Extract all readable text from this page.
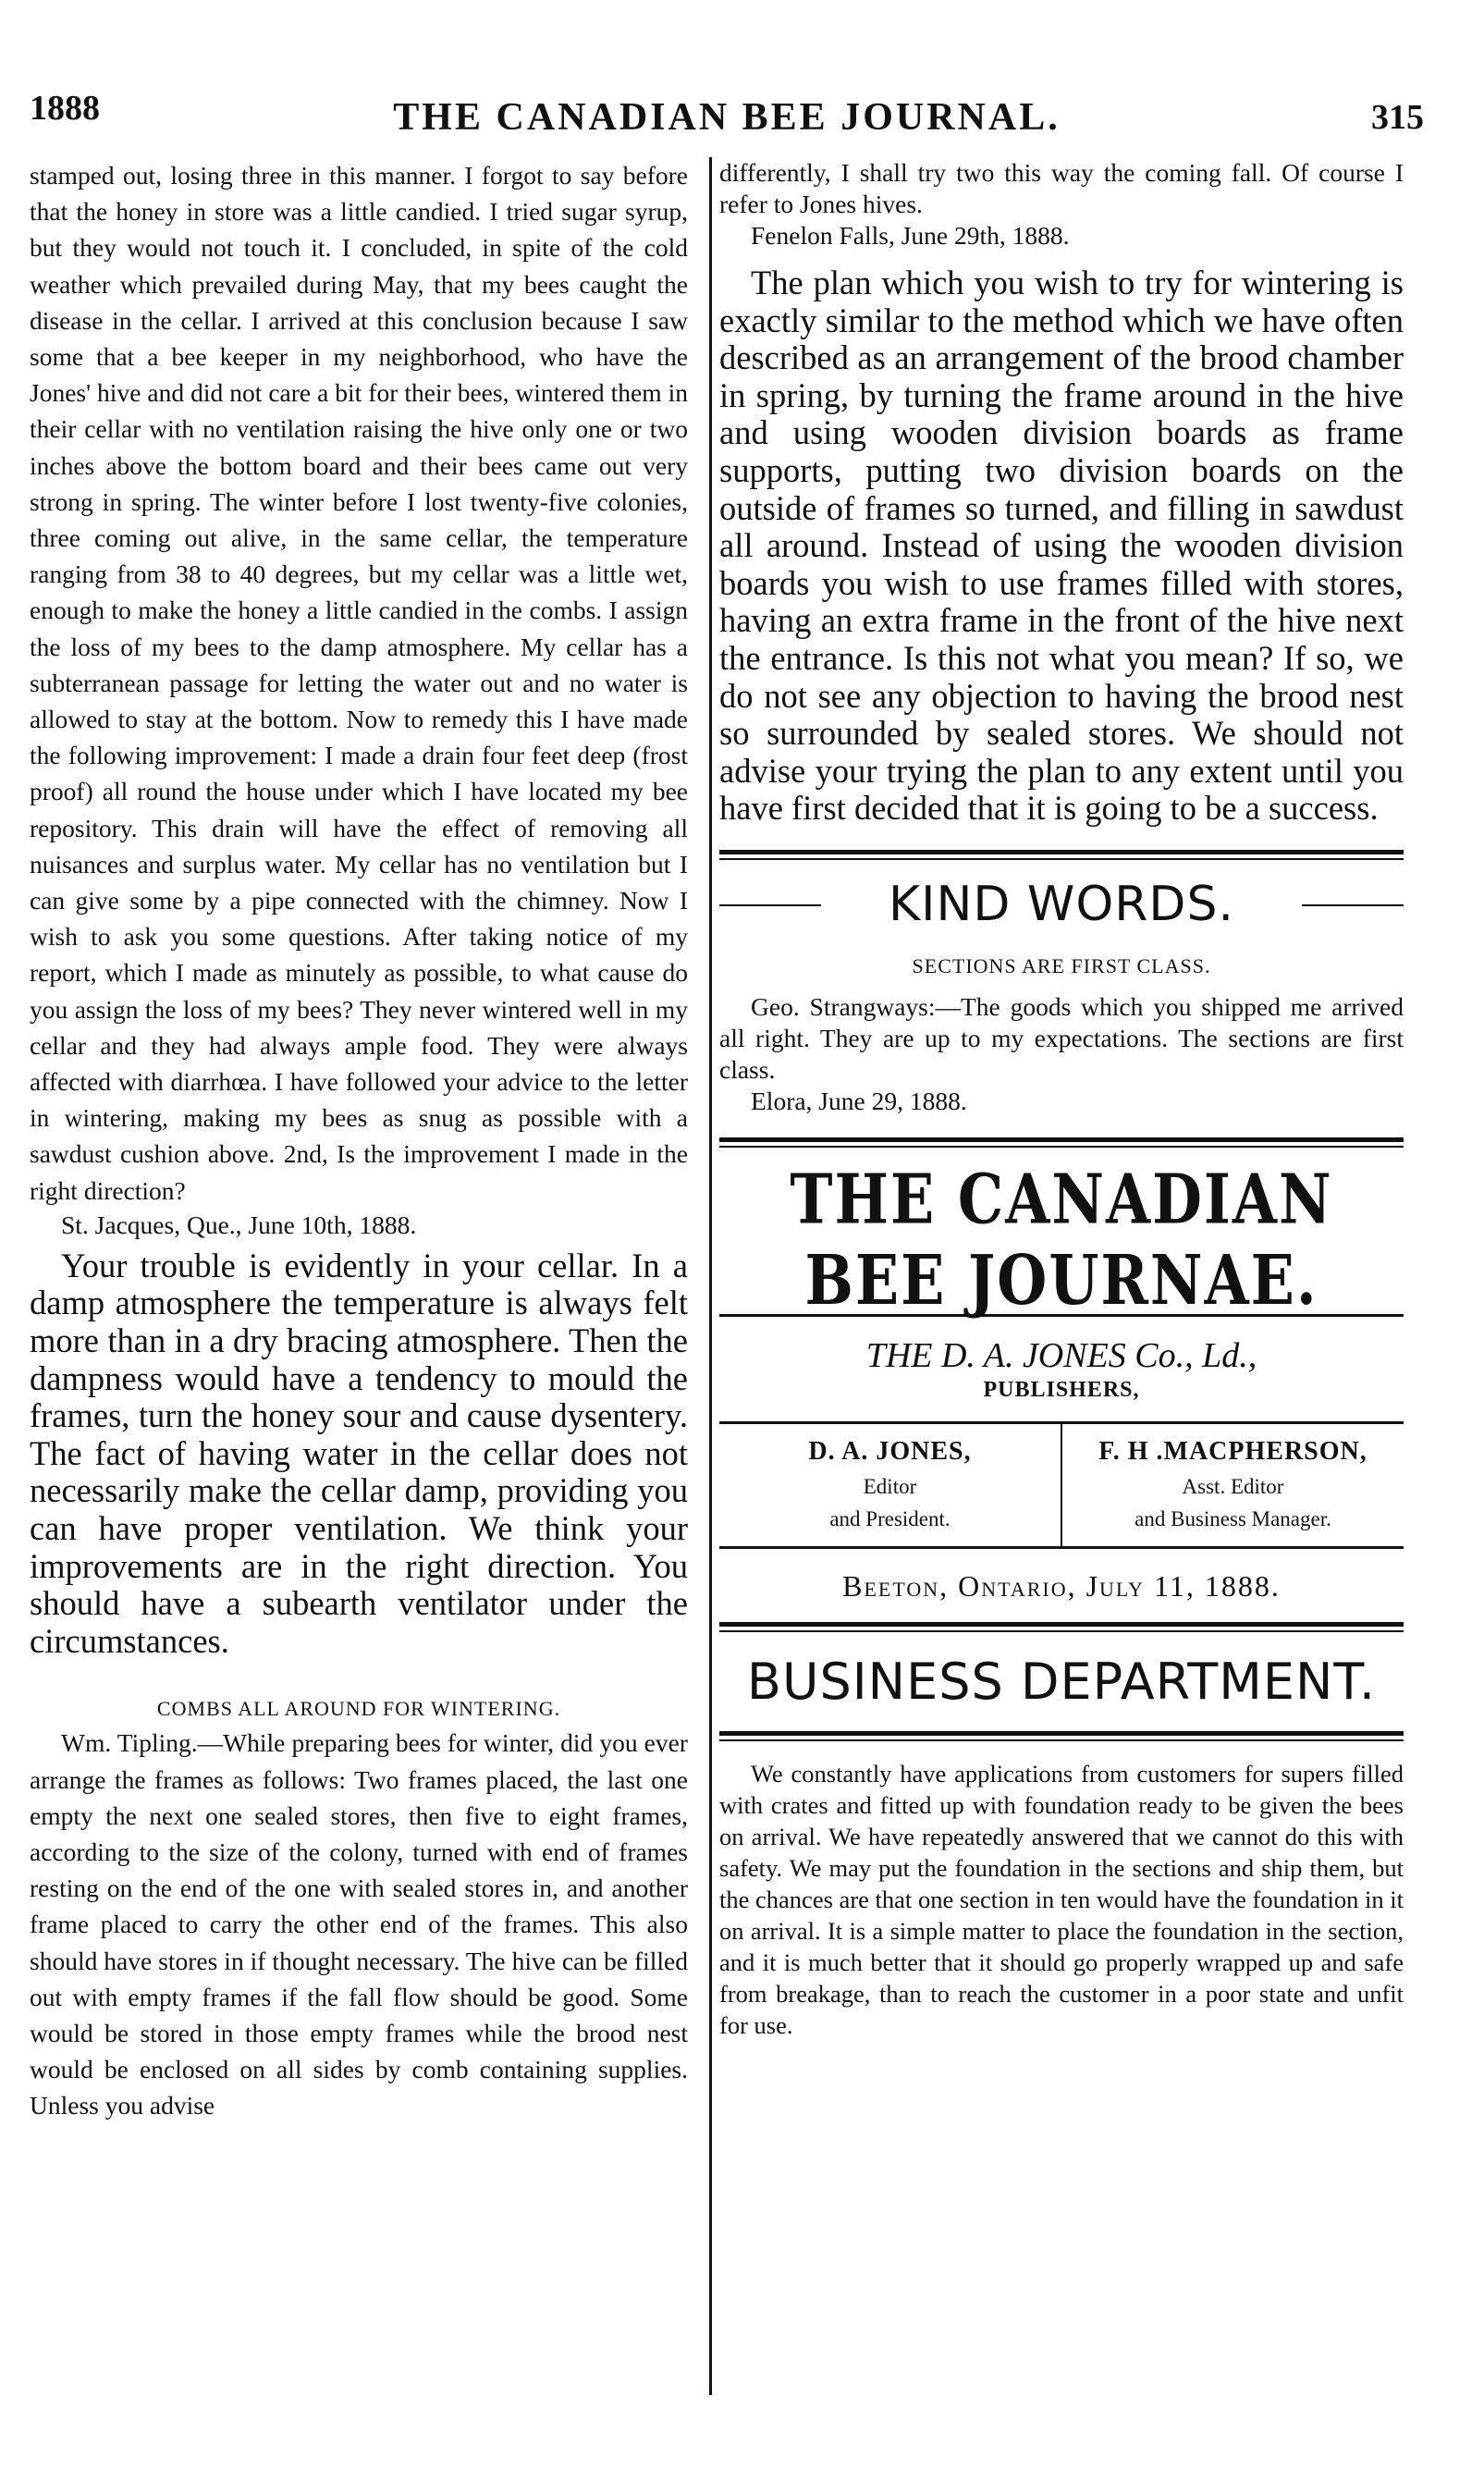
1888	THE CANADIAN BEE JOURNAL.	315

stamped out, losing three in this manner. I forgot to say before that the honey in store was a little candied. I tried sugar syrup, but they would not touch it. I concluded, in spite of the cold weather which prevailed during May, that my bees caught the disease in the cellar. I arrived at this conclusion because I saw some that a bee keeper in my neighborhood, who have the Jones' hive and did not care a bit for their bees, wintered them in their cellar with no ventilation raising the hive only one or two inches above the bottom board and their bees came out very strong in spring. The winter before I lost twenty-five colonies, three coming out alive, in the same cellar, the temperature ranging from 38 to 40 degrees, but my cellar was a little wet, enough to make the honey a little candied in the combs. I assign the loss of my bees to the damp atmosphere. My cellar has a subterranean passage for letting the water out and no water is allowed to stay at the bottom. Now to remedy this I have made the following improvement: I made a drain four feet deep (frost proof) all round the house under which I have located my bee repository. This drain will have the effect of removing all nuisances and surplus water. My cellar has no ventilation but I can give some by a pipe connected with the chimney. Now I wish to ask you some questions. After taking notice of my report, which I made as minutely as possible, to what cause do you assign the loss of my bees? They never wintered well in my cellar and they had always ample food. They were always affected with diarrhœa. I have followed your advice to the letter in wintering, making my bees as snug as possible with a sawdust cushion above. 2nd, Is the improvement I made in the right direction?

St. Jacques, Que., June 10th, 1888.

Your trouble is evidently in your cellar. In a damp atmosphere the temperature is always felt more than in a dry bracing atmosphere. Then the dampness would have a tendency to mould the frames, turn the honey sour and cause dysentery. The fact of having water in the cellar does not necessarily make the cellar damp, providing you can have proper ventilation. We think your improvements are in the right direction. You should have a subearth ventilator under the circumstances.

COMBS ALL AROUND FOR WINTERING.

Wm. Tipling.—While preparing bees for winter, did you ever arrange the frames as follows: Two frames placed, the last one empty the next one sealed stores, then five to eight frames, according to the size of the colony, turned with end of frames resting on the end of the one with sealed stores in, and another frame placed to carry the other end of the frames. This also should have stores in if thought necessary. The hive can be filled out with empty frames if the fall flow should be good. Some would be stored in those empty frames while the brood nest would be enclosed on all sides by comb containing supplies. Unless you advise

differently, I shall try two this way the coming fall. Of course I refer to Jones hives.

Fenelon Falls, June 29th, 1888.

The plan which you wish to try for wintering is exactly similar to the method which we have often described as an arrangement of the brood chamber in spring, by turning the frame around in the hive and using wooden division boards as frame supports, putting two division boards on the outside of frames so turned, and filling in sawdust all around. Instead of using the wooden division boards you wish to use frames filled with stores, having an extra frame in the front of the hive next the entrance. Is this not what you mean? If so, we do not see any objection to having the brood nest so surrounded by sealed stores. We should not advise your trying the plan to any extent until you have first decided that it is going to be a success.

KIND WORDS.
SECTIONS ARE FIRST CLASS.

Geo. Strangways:—The goods which you shipped me arrived all right. They are up to my expectations. The sections are first class.

Elora, June 29, 1888.

THE CANADIAN BEE JOURNAE.
THE D. A. JONES Co., Ld.,
PUBLISHERS,
D. A. JONES,
Editor
and President.
F. H .MACPHERSON,
Asst. Editor
and Business Manager.
Beeton, Ontario, July 11, 1888.
BUSINESS DEPARTMENT.

We constantly have applications from customers for supers filled with crates and fitted up with foundation ready to be given the bees on arrival. We have repeatedly answered that we cannot do this with safety. We may put the foundation in the sections and ship them, but the chances are that one section in ten would have the foundation in it on arrival. It is a simple matter to place the foundation in the section, and it is much better that it should go properly wrapped up and safe from breakage, than to reach the customer in a poor state and unfit for use.
